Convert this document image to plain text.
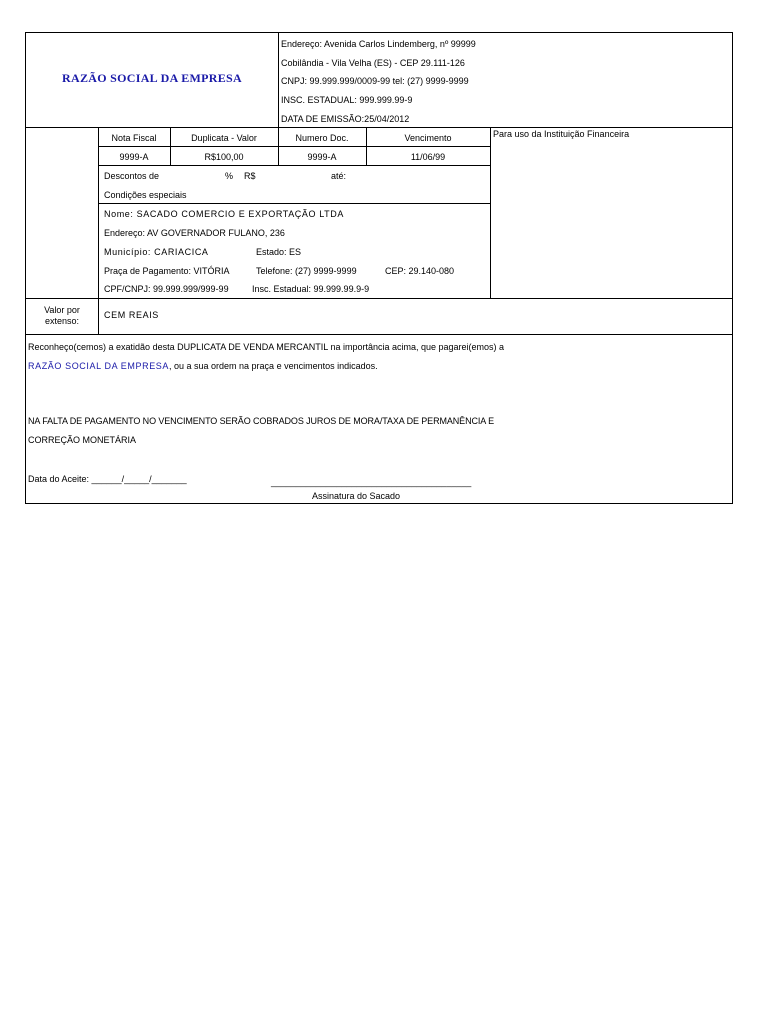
RAZÃO SOCIAL DA EMPRESA
Endereço: Avenida Carlos Lindemberg, nº 99999
Cobilândia - Vila Velha (ES) - CEP 29.111-126
CNPJ: 99.999.999/0009-99 tel: (27) 9999-9999
INSC. ESTADUAL: 999.999.99-9
DATA DE EMISSÃO:25/04/2012
Nota Fiscal	Duplicata - Valor	Numero Doc.	Vencimento
9999-A	R$100,00	9999-A	11/06/99
Para uso da Instituição Financeira
Descontos de	% R$	até:
Condições especiais
Nome: SACADO COMERCIO E EXPORTAÇÃO LTDA
Endereço: AV GOVERNADOR FULANO, 236
Município: CARIACICA	Estado: ES
Praça de Pagamento: VITÓRIA	Telefone: (27) 9999-9999	CEP: 29.140-080
CPF/CNPJ: 99.999.999/999-99	Insc. Estadual: 99.999.99.9-9
Valor por
extenso:
CEM REAIS
Reconheço(cemos) a exatidão desta DUPLICATA DE VENDA MERCANTIL na importância acima, que pagarei(emos) a
RAZÃO SOCIAL DA EMPRESA, ou a sua ordem na praça e vencimentos indicados.
NA FALTA DE PAGAMENTO NO VENCIMENTO SERÃO COBRADOS JUROS DE MORA/TAXA DE PERMANÊNCIA E
CORREÇÃO MONETÁRIA
Data do Aceite: ______/_____/_______	________________________________________
Assinatura do Sacado
